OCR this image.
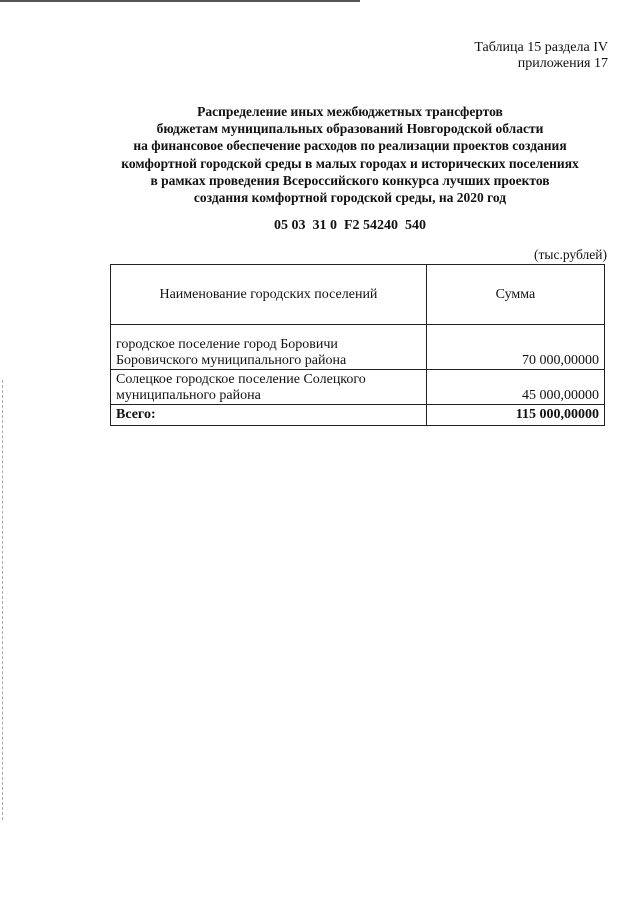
Таблица 15 раздела IV
приложения 17
Распределение иных межбюджетных трансфертов
бюджетам муниципальных образований Новгородской области
на финансовое обеспечение расходов по реализации проектов создания
комфортной городской среды в малых городах и исторических поселениях
в рамках проведения Всероссийского конкурса лучших проектов
создания комфортной городской среды, на 2020 год
05 03  31 0  F2 54240  540
(тыс.рублей)
Наименование городских поселений	Сумма

городское поселение город Боровичи
Боровичского муниципального района	70 000,00000

Солецкое городское поселение Солецкого
муниципального района	45 000,00000
Всего:	115 000,00000
